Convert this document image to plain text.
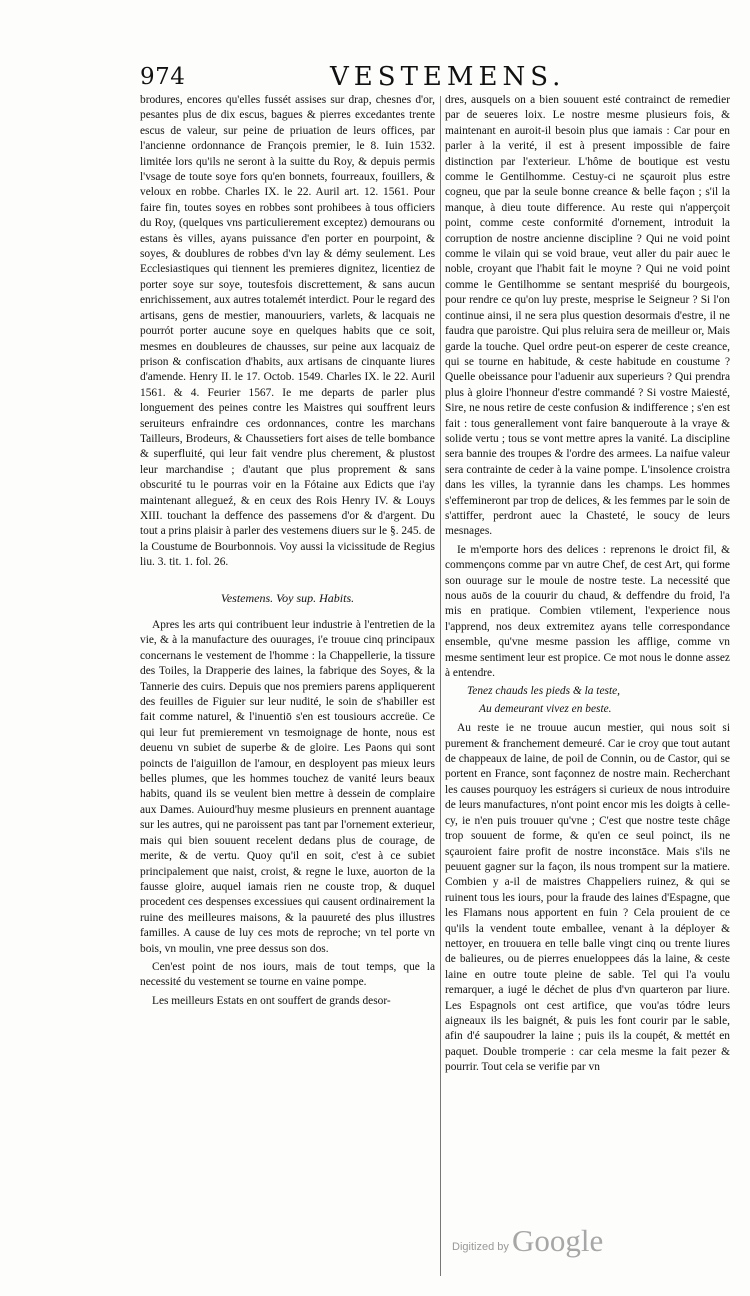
974	VESTEMENS.

brodures, encores qu'elles fussét assises sur drap, chesnes d'or, pesantes plus de dix escus, bagues & pierres excedantes trente escus de valeur, sur peine de priuation de leurs offices, par l'ancienne ordonnance de François premier, le 8. Iuin 1532. limitée lors qu'ils ne seront à la suitte du Roy, & depuis permis l'vsage de toute soye fors qu'en bonnets, fourreaux, fouillers, & veloux en robbe. Charles IX. le 22. Auril art. 12. 1561. Pour faire fin, toutes soyes en robbes sont prohibees à tous officiers du Roy, (quelques vns particulierement exceptez) demourans ou estans ès villes, ayans puissance d'en porter en pourpoint, & soyes, & doublures de robbes d'vn lay & démy seulement. Les Ecclesiastiques qui tiennent les premieres dignitez, licentiez de porter soye sur soye, toutesfois discrettement, & sans aucun enrichissement, aux autres totalemét interdict. Pour le regard des artisans, gens de mestier, manouuriers, varlets, & lacquais ne pourrót porter aucune soye en quelques habits que ce soit, mesmes en doubleures de chausses, sur peine aux lacquaiz de prison & confiscation d'habits, aux artisans de cinquante liures d'amende. Henry II. le 17. Octob. 1549. Charles IX. le 22. Auril 1561. & 4. Feurier 1567. Ie me departs de parler plus longuement des peines contre les Maistres qui souffrent leurs seruiteurs enfraindre ces ordonnances, contre les marchans Tailleurs, Brodeurs, & Chaussetiers fort aises de telle bombance & superfluité, qui leur fait vendre plus cherement, & plustost leur marchandise ; d'autant que plus proprement & sans obscurité tu le pourras voir en la Fótaine aux Edicts que i'ay maintenant allegueź, & en ceux des Rois Henry IV. & Louys XIII. touchant la deffence des passemens d'or & d'argent. Du tout a prins plaisir à parler des vestemens diuers sur le §. 245. de la Coustume de Bourbonnois. Voy aussi la vicissitude de Regius liu. 3. tit. 1. fol. 26.

Vestemens. Voy sup. Habits.

Apres les arts qui contribuent leur industrie à l'entretien de la vie, & à la manufacture des ouurages, i'e trouue cinq principaux concernans le vestement de l'homme : la Chappellerie, la tissure des Toiles, la Drapperie des laines, la fabrique des Soyes, & la Tannerie des cuirs. Depuis que nos premiers parens appliquerent des feuilles de Figuier sur leur nudité, le soin de s'habiller est fait comme naturel, & l'inuentiō s'en est tousiours accreüe. Ce qui leur fut premierement vn tesmoignage de honte, nous est deuenu vn subiet de superbe & de gloire. Les Paons qui sont poincts de l'aiguillon de l'amour, en desployent pas mieux leurs belles plumes, que les hommes touchez de vanité leurs beaux habits, quand ils se veulent bien mettre à dessein de complaire aux Dames. Auiourd'huy mesme plusieurs en prennent auantage sur les autres, qui ne paroissent pas tant par l'ornement exterieur, mais qui bien souuent recelent dedans plus de courage, de merite, & de vertu. Quoy qu'il en soit, c'est à ce subiet principalement que naist, croist, & regne le luxe, auorton de la fausse gloire, auquel iamais rien ne couste trop, & duquel procedent ces despenses excessiues qui causent ordinairement la ruine des meilleures maisons, & la pauureté des plus illustres familles. A cause de luy ces mots de reproche; vn tel porte vn bois, vn moulin, vne pree dessus son dos.

Cen'est point de nos iours, mais de tout temps, que la necessité du vestement se tourne en vaine pompe.

Les meilleurs Estats en ont souffert de grands desor-

dres, ausquels on a bien souuent esté contrainct de remedier par de seueres loix. Le nostre mesme plusieurs fois, & maintenant en auroit-il besoin plus que iamais : Car pour en parler à la verité, il est à present impossible de faire distinction par l'exterieur. L'hôme de boutique est vestu comme le Gentilhomme. Cestuy-ci ne sçauroit plus estre cogneu, que par la seule bonne creance & belle façon ; s'il la manque, à dieu toute difference. Au reste qui n'apperçoit point, comme ceste conformité d'ornement, introduit la corruption de nostre ancienne discipline ? Qui ne void point comme le vilain qui se void braue, veut aller du pair auec le noble, croyant que l'habit fait le moyne ? Qui ne void point comme le Gentilhomme se sentant mespriśé du bourgeois, pour rendre ce qu'on luy preste, mesprise le Seigneur ? Si l'on continue ainsi, il ne sera plus question desormais d'estre, il ne faudra que paroistre. Qui plus reluira sera de meilleur or, Mais garde la touche. Quel ordre peut-on esperer de ceste creance, qui se tourne en habitude, & ceste habitude en coustume ? Quelle obeissance pour l'aduenir aux superieurs ? Qui prendra plus à gloire l'honneur d'estre commandé ? Si vostre Maiesté, Sire, ne nous retire de ceste confusion & indifference ; s'en est fait : tous generallement vont faire banqueroute à la vraye & solide vertu ; tous se vont mettre apres la vanité. La discipline sera bannie des troupes & l'ordre des armees. La naifue valeur sera contrainte de ceder à la vaine pompe. L'insolence croistra dans les villes, la tyrannie dans les champs. Les hommes s'effemineront par trop de delices, & les femmes par le soin de s'attiffer, perdront auec la Chasteté, le soucy de leurs mesnages.

Ie m'emporte hors des delices : reprenons le droict fil, & commençons comme par vn autre Chef, de cest Art, qui forme son ouurage sur le moule de nostre teste. La necessité que nous auōs de la couurir du chaud, & deffendre du froid, l'a mis en pratique. Combien vtilement, l'experience nous l'apprend, nos deux extremitez ayans telle correspondance ensemble, qu'vne mesme passion les afflige, comme vn mesme sentiment leur est propice. Ce mot nous le donne assez à entendre.

Tenez chauds les pieds & la teste,
Au demeurant vivez en beste.

Au reste ie ne trouue aucun mestier, qui nous soit si purement & franchement demeuré. Car ie croy que tout autant de chappeaux de laine, de poil de Connin, ou de Castor, qui se portent en France, sont façonnez de nostre main. Recherchant les causes pourquoy les estrágers si curieux de nous introduire de leurs manufactures, n'ont point encor mis les doigts à celle-cy, ie n'en puis trouuer qu'vne ; C'est que nostre teste châge trop souuent de forme, & qu'en ce seul poinct, ils ne sçauroient faire profit de nostre inconstāce. Mais s'ils ne peuuent gagner sur la façon, ils nous trompent sur la matiere. Combien y a-il de maistres Chappeliers ruinez, & qui se ruinent tous les iours, pour la fraude des laines d'Espagne, que les Flamans nous apportent en fuin ? Cela prouient de ce qu'ils la vendent toute emballee, venant à la déployer & nettoyer, en trouuera en telle balle vingt cinq ou trente liures de balieures, ou de pierres enueloppees dás la laine, & ceste laine en outre toute pleine de sable. Tel qui l'a voulu remarquer, a iugé le déchet de plus d'vn quarteron par liure. Les Espagnols ont cest artifice, que vou'as tódre leurs aigneaux ils les baignét, & puis les font courir par le sable, afin d'é saupoudrer la laine ; puis ils la coupét, & mettét en paquet. Double tromperie : car cela mesme la fait pezer & pourrir. Tout cela se verifie par vn

Digitized by Google
